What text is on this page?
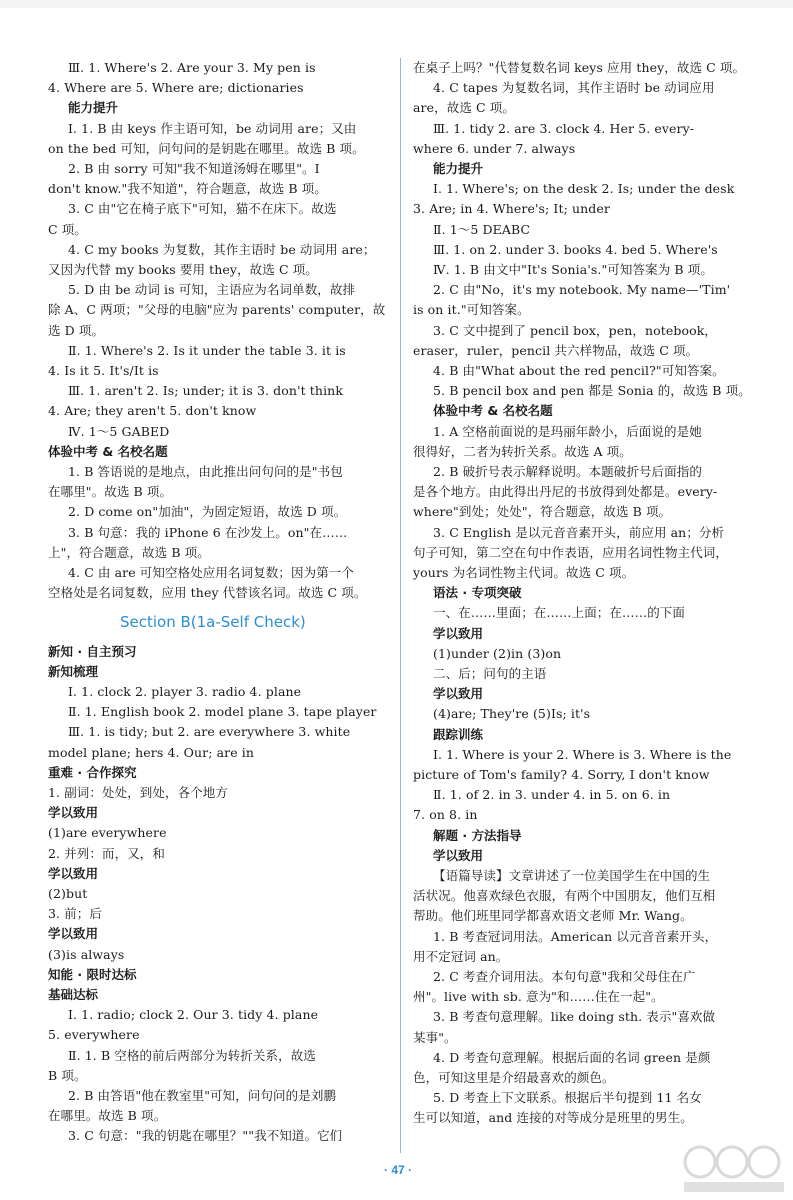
Ⅲ. 1. Where's 2. Are your 3. My pen is
4. Where are 5. Where are; dictionaries
能力提升
Ⅰ. 1. B 由 keys 作主语可知，be 动词用 are；又由
on the bed 可知，问句问的是钥匙在哪里。故选 B 项。
2. B 由 sorry 可知"我不知道汤姆在哪里"。I
don't know."我不知道"，符合题意，故选 B 项。
3. C 由"它在椅子底下"可知，猫不在床下。故选
C 项。
4. C my books 为复数，其作主语时 be 动词用 are；
又因为代替 my books 要用 they，故选 C 项。
5. D 由 be 动词 is 可知，主语应为名词单数，故排
除 A、C 两项；"父母的电脑"应为 parents' computer，故
选 D 项。
Ⅱ. 1. Where's 2. Is it under the table 3. it is
4. Is it 5. It's/It is
Ⅲ. 1. aren't 2. Is; under; it is 3. don't think
4. Are; they aren't 5. don't know
Ⅳ. 1～5 GABED
体验中考 & 名校名题
1. B 答语说的是地点，由此推出问句问的是"书包
在哪里"。故选 B 项。
2. D come on"加油"，为固定短语，故选 D 项。
3. B 句意：我的 iPhone 6 在沙发上。on"在……
上"，符合题意，故选 B 项。
4. C 由 are 可知空格处应用名词复数；因为第一个
空格处是名词复数，应用 they 代替该名词。故选 C 项。
Section B(1a-Self Check)
新知 · 自主预习
新知梳理
Ⅰ. 1. clock 2. player 3. radio 4. plane
Ⅱ. 1. English book 2. model plane 3. tape player
Ⅲ. 1. is tidy; but 2. are everywhere 3. white
model plane; hers 4. Our; are in
重难 · 合作探究
1. 副词：处处，到处，各个地方
学以致用
(1)are everywhere
2. 并列：而，又，和
学以致用
(2)but
3. 前；后
学以致用
(3)is always
知能 · 限时达标
基础达标
Ⅰ. 1. radio; clock 2. Our 3. tidy 4. plane
5. everywhere
Ⅱ. 1. B 空格的前后两部分为转折关系，故选
B 项。
2. B 由答语"他在教室里"可知，问句问的是刘鹏
在哪里。故选 B 项。
3. C 句意："我的钥匙在哪里？""我不知道。它们
在桌子上吗？"代替复数名词 keys 应用 they，故选 C 项。
4. C tapes 为复数名词，其作主语时 be 动词应用
are，故选 C 项。
Ⅲ. 1. tidy 2. are 3. clock 4. Her 5. every-
where 6. under 7. always
能力提升
Ⅰ. 1. Where's; on the desk 2. Is; under the desk
3. Are; in 4. Where's; It; under
Ⅱ. 1～5 DEABC
Ⅲ. 1. on 2. under 3. books 4. bed 5. Where's
Ⅳ. 1. B 由文中"It's Sonia's."可知答案为 B 项。
2. C 由"No，it's my notebook. My name—'Tim'
is on it."可知答案。
3. C 文中提到了 pencil box，pen，notebook，
eraser，ruler，pencil 共六样物品，故选 C 项。
4. B 由"What about the red pencil?"可知答案。
5. B pencil box and pen 都是 Sonia 的，故选 B 项。
体验中考 & 名校名题
1. A 空格前面说的是玛丽年龄小，后面说的是她
很得好，二者为转折关系。故选 A 项。
2. B 破折号表示解释说明。本题破折号后面指的
是各个地方。由此得出丹尼的书放得到处都是。every-
where"到处；处处"，符合题意，故选 B 项。
3. C English 是以元音音素开头，前应用 an；分析
句子可知，第二空在句中作表语，应用名词性物主代词，
yours 为名词性物主代词。故选 C 项。
语法 · 专项突破
一、在……里面；在……上面；在……的下面
学以致用
(1)under (2)in (3)on
二、后；问句的主语
学以致用
(4)are; They're (5)Is; it's
跟踪训练
Ⅰ. 1. Where is your 2. Where is 3. Where is the
picture of Tom's family? 4. Sorry, I don't know
Ⅱ. 1. of 2. in 3. under 4. in 5. on 6. in
7. on 8. in
解题 · 方法指导
学以致用
【语篇导读】文章讲述了一位美国学生在中国的生
活状况。他喜欢绿色衣服，有两个中国朋友，他们互相
帮助。他们班里同学都喜欢语文老师 Mr. Wang。
1. B 考查冠词用法。American 以元音音素开头，
用不定冠词 an。
2. C 考查介词用法。本句句意"我和父母住在广
州"。live with sb. 意为"和……住在一起"。
3. B 考查句意理解。like doing sth. 表示"喜欢做
某事"。
4. D 考查句意理解。根据后面的名词 green 是颜
色，可知这里是介绍最喜欢的颜色。
5. D 考查上下文联系。根据后半句提到 11 名女
生可以知道，and 连接的对等成分是班里的男生。
· 47 ·
